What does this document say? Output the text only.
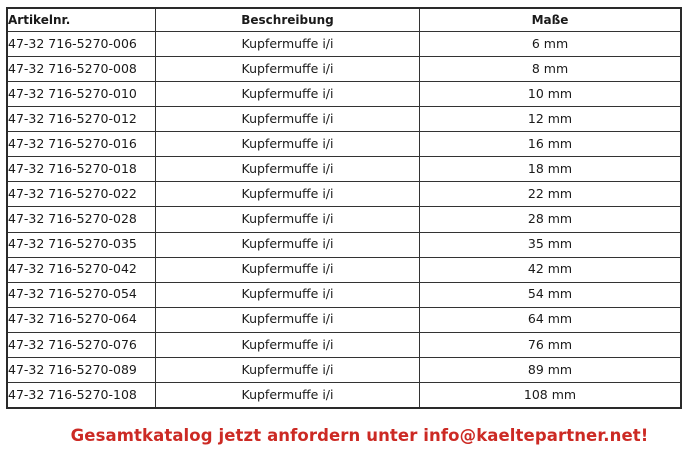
Artikelnr.	Beschreibung	Maße
47-32 716-5270-006	Kupfermuffe i/i	6 mm
47-32 716-5270-008	Kupfermuffe i/i	8 mm
47-32 716-5270-010	Kupfermuffe i/i	10 mm
47-32 716-5270-012	Kupfermuffe i/i	12 mm
47-32 716-5270-016	Kupfermuffe i/i	16 mm
47-32 716-5270-018	Kupfermuffe i/i	18 mm
47-32 716-5270-022	Kupfermuffe i/i	22 mm
47-32 716-5270-028	Kupfermuffe i/i	28 mm
47-32 716-5270-035	Kupfermuffe i/i	35 mm
47-32 716-5270-042	Kupfermuffe i/i	42 mm
47-32 716-5270-054	Kupfermuffe i/i	54 mm
47-32 716-5270-064	Kupfermuffe i/i	64 mm
47-32 716-5270-076	Kupfermuffe i/i	76 mm
47-32 716-5270-089	Kupfermuffe i/i	89 mm
47-32 716-5270-108	Kupfermuffe i/i	108 mm
Gesamtkatalog jetzt anfordern unter info@kaeltepartner.net!
